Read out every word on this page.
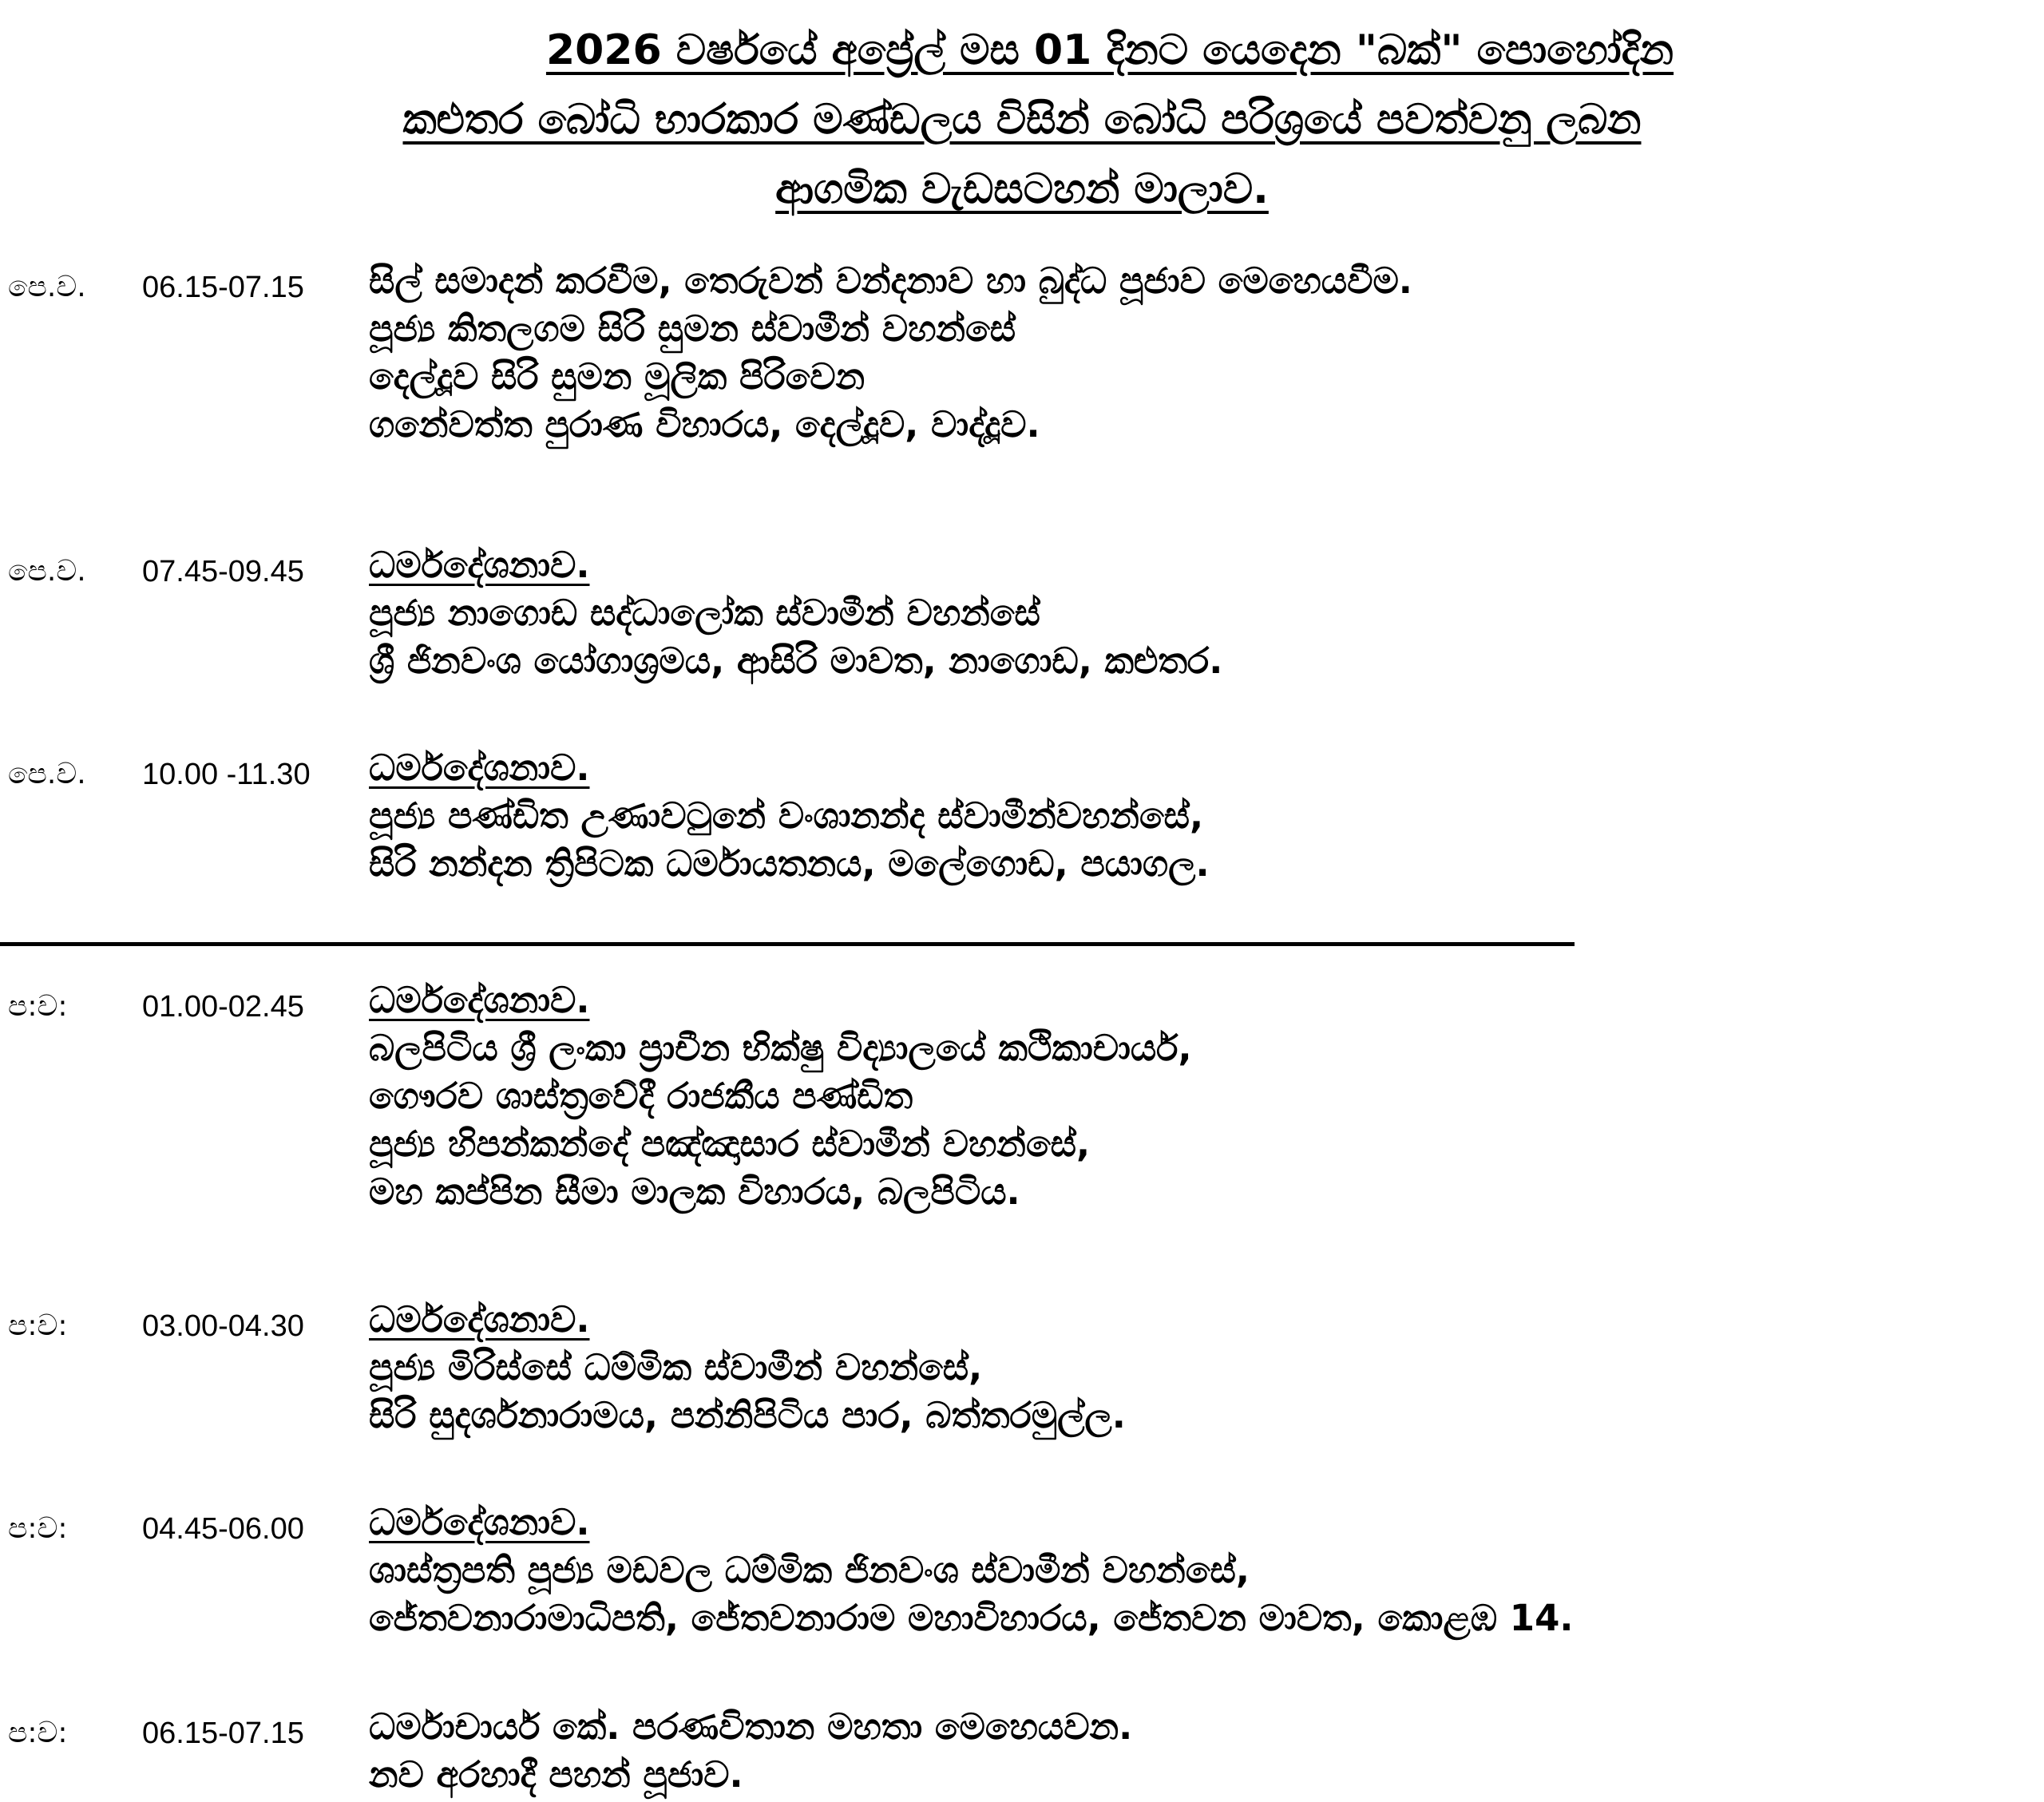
2026 වර්ෂයේ අප්‍රේල් මස 01 දිනට යෙදෙන "බක්" පොහෝදින
කළුතර බෝධි භාරකාර මණ්ඩලය විසින් බෝධි පරිශ්‍රයේ පවත්වනු ලබන
ආගමික වැඩසටහන් මාලාව.
පෙ.ව. 06.15-07.15 සිල් සමාදන් කරවීම, තෙරුවන් වන්දනාව හා බුද්ධ පූජාව මෙහෙයවීම.
පූජ්‍ය කිතලගම සිරි සුමන ස්වාමීන් වහන්සේ
දෙල්දූව සිරි සුමන මූලික පිරිවෙන
ගනේවත්ත පුරාණ විහාරය, දෙල්දූව, වාද්දූව.
පෙ.ව. 07.45-09.45 ධර්මදේශනාව.
පූජ්‍ය නාගොඩ සද්ධාලෝක ස්වාමීන් වහන්සේ
ශ්‍රී ජිනවංශ යෝගාශ්‍රමය, ආසිරි මාවත, නාගොඩ, කළුතර.
පෙ.ව. 10.00 -11.30 ධර්මදේශනාව.
පූජ්‍ය පණ්ඩිත උණාවටුනේ වංශානන්ද ස්වාමීන්වහන්සේ,
සිරි නන්දන ත්‍රිපිටක ධර්මායතනය, මලේගොඩ, පයාගල.
ප:ව: 01.00-02.45 ධර්මදේශනාව.
බලපිටිය ශ්‍රී ලංකා ප්‍රාචීන භික්ෂු විද්‍යාලයේ කථිකාචාර්ය,
ගෞරව ශාස්ත්‍රවේදී රාජකීය පණ්ඩිත
පූජ්‍ය හිපන්කන්දේ පඤ්ඤාසාර ස්වාමීන් වහන්සේ,
මහ කප්පින සීමා මාලක විහාරය, බලපිටිය.
ප:ව: 03.00-04.30 ධර්මදේශනාව.
පූජ්‍ය මිරිස්සේ ධම්මික ස්වාමීන් වහන්සේ,
සිරි සුදර්ශනාරාමය, පන්නිපිටිය පාර, බත්තරමුල්ල.
ප:ව: 04.45-06.00 ධර්මදේශනාව.
ශාස්ත්‍රපති පූජ්‍ය මඩවල ධම්මික ජිනවංශ ස්වාමීන් වහන්සේ,
ජේතවනාරාමාධිපති, ජේතවනාරාම මහාවිහාරය, ජේතවන මාවත, කොළඹ 14.
ප:ව: 06.15-07.15 ධර්මාචාර්ය කේ. පරණවිතාන මහතා මෙහෙයවන.
නව අරහාදී පහන් පූජාව.
